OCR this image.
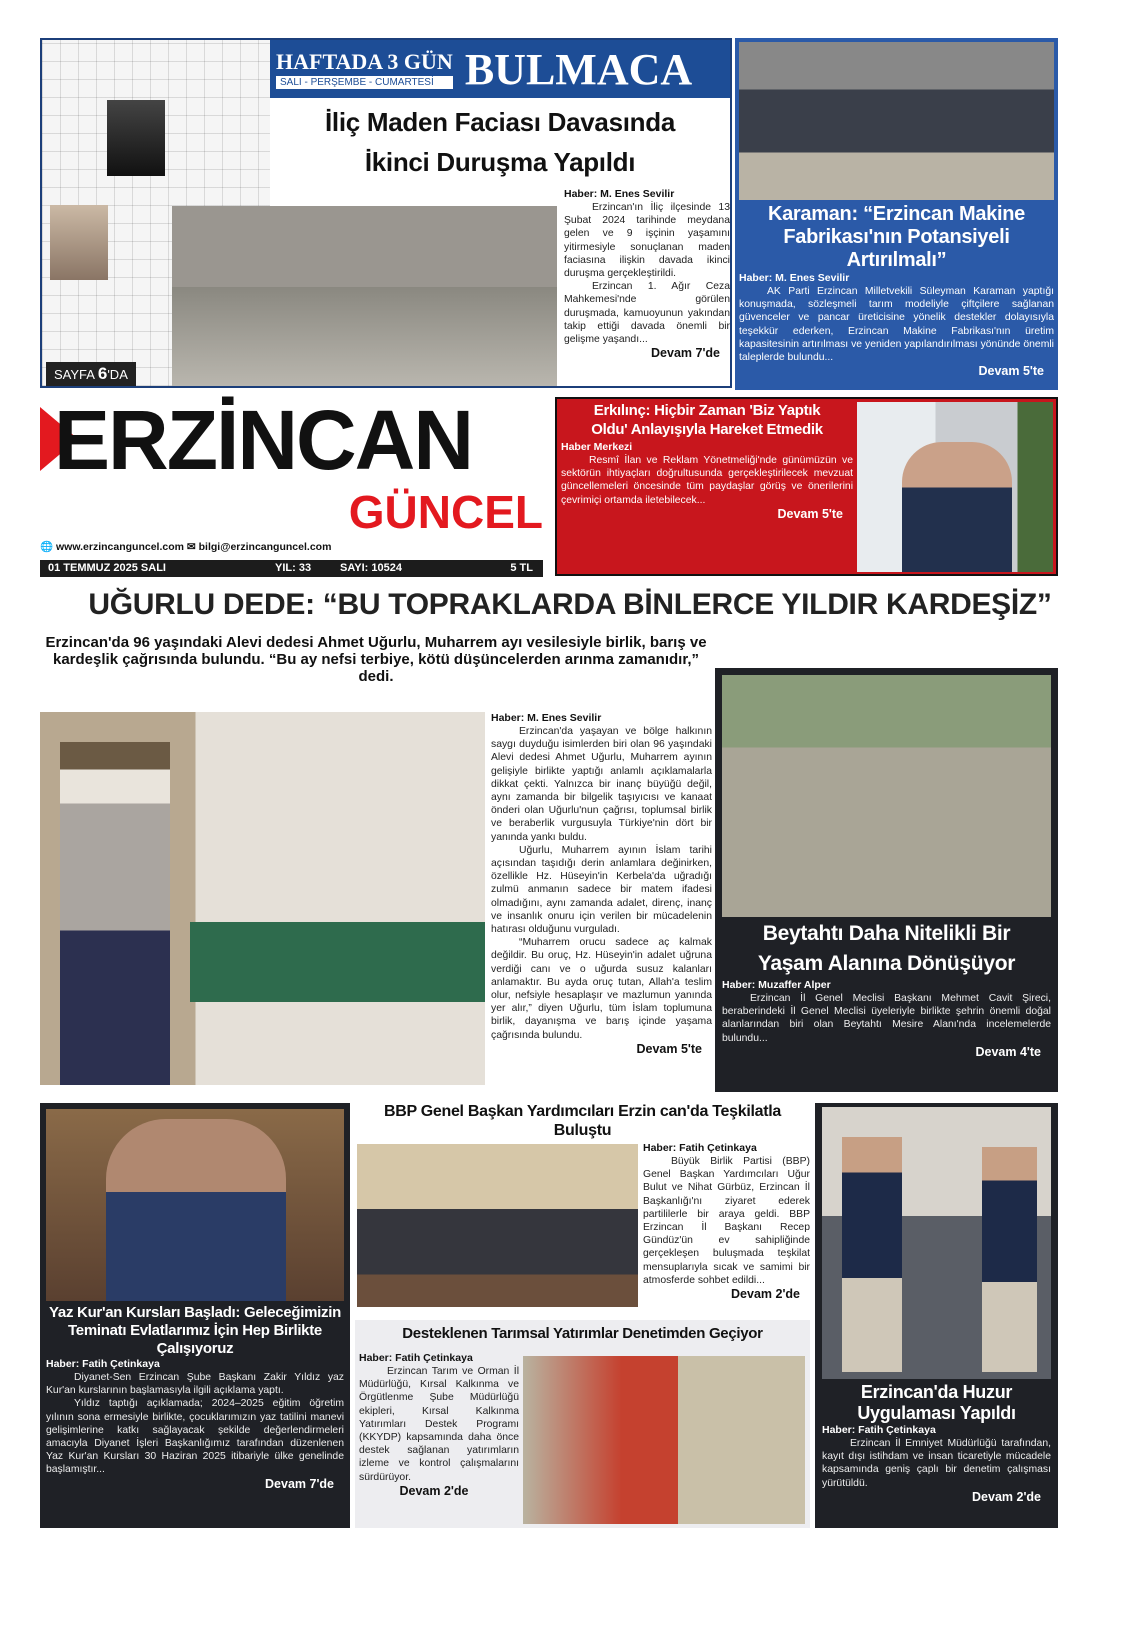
HAFTADA 3 GÜN
SALI - PERŞEMBE - CUMARTESİ BULMACA
İliç Maden Faciası Davasında
İkinci Duruşma Yapıldı
SAYFA 6'DA
Haber: M. Enes Sevilir

Erzincan'ın İliç ilçesinde 13 Şubat 2024 tarihinde meydana gelen ve 9 işçinin yaşamını yitirmesiyle sonuçlanan maden faciasına ilişkin davada ikinci duruşma gerçekleştirildi.

Erzincan 1. Ağır Ceza Mahkemesi'nde görülen duruşmada, kamuoyunun yakından takip ettiği davada önemli bir gelişme yaşandı...

Devam 7'de
Karaman: “Erzincan Makine
Fabrikası'nın Potansiyeli Artırılmalı”
Haber: M. Enes Sevilir

AK Parti Erzincan Milletvekili Süleyman Karaman yaptığı konuşmada, sözleşmeli tarım modeliyle çiftçilere sağlanan güvenceler ve pancar üreticisine yönelik destekler dolayısıyla teşekkür ederken, Erzincan Makine Fabrikası'nın üretim kapasitesinin artırılması ve yeniden yapılandırılması yönünde önemli taleplerde bulundu...

Devam 5'te
ERZİNCAN
GÜNCEL
🌐 www.erzincanguncel.com ✉ bilgi@erzincanguncel.com
01 TEMMUZ 2025 SALI	YIL: 33	SAYI: 10524	5 TL
Erkılınç: Hiçbir Zaman 'Biz Yaptık
Oldu' Anlayışıyla Hareket Etmedik
Haber Merkezi

Resmî İlan ve Reklam Yönetmeliği'nde günümüzün ve sektörün ihtiyaçları doğrultusunda gerçekleştirilecek mevzuat güncellemeleri öncesinde tüm paydaşlar görüş ve önerilerini çevrimiçi ortamda iletebilecek...

Devam 5'te
UĞURLU DEDE: “BU TOPRAKLARDA BİNLERCE YILDIR KARDEŞİZ”
Erzincan'da 96 yaşındaki Alevi dedesi Ahmet Uğurlu, Muharrem ayı vesilesiyle birlik, barış ve kardeşlik çağrısında bulundu. “Bu ay nefsi terbiye, kötü düşüncelerden arınma zamanıdır,” dedi.
Haber: M. Enes Sevilir

Erzincan'da yaşayan ve bölge halkının saygı duyduğu isimlerden biri olan 96 yaşındaki Alevi dedesi Ahmet Uğurlu, Muharrem ayının gelişiyle birlikte yaptığı anlamlı açıklamalarla dikkat çekti. Yalnızca bir inanç büyüğü değil, aynı zamanda bir bilgelik taşıyıcısı ve kanaat önderi olan Uğurlu'nun çağrısı, toplumsal birlik ve beraberlik vurgusuyla Türkiye'nin dört bir yanında yankı buldu.

Uğurlu, Muharrem ayının İslam tarihi açısından taşıdığı derin anlamlara değinirken, özellikle Hz. Hüseyin'in Kerbela'da uğradığı zulmü anmanın sadece bir matem ifadesi olmadığını, aynı zamanda adalet, direnç, inanç ve insanlık onuru için verilen bir mücadelenin hatırası olduğunu vurguladı.

“Muharrem orucu sadece aç kalmak değildir. Bu oruç, Hz. Hüseyin'in adalet uğruna verdiği canı ve o uğurda susuz kalanları anlamaktır. Bu ayda oruç tutan, Allah'a teslim olur, nefsiyle hesaplaşır ve mazlumun yanında yer alır,” diyen Uğurlu, tüm İslam toplumuna birlik, dayanışma ve barış içinde yaşama çağrısında bulundu.

Devam 5'te
Beytahtı Daha Nitelikli Bir
Yaşam Alanına Dönüşüyor
Haber: Muzaffer Alper

Erzincan İl Genel Meclisi Başkanı Mehmet Cavit Şireci, beraberindeki İl Genel Meclisi üyeleriyle birlikte şehrin önemli doğal alanlarından biri olan Beytahtı Mesire Alanı'nda incelemelerde bulundu...

Devam 4'te
Yaz Kur'an Kursları Başladı: Geleceğimizin
Teminatı Evlatlarımız İçin Hep Birlikte Çalışıyoruz
Haber: Fatih Çetinkaya

Diyanet-Sen Erzincan Şube Başkanı Zakir Yıldız yaz Kur'an kurslarının başlamasıyla ilgili açıklama yaptı.

Yıldız taptığı açıklamada; 2024–2025 eğitim öğretim yılının sona ermesiyle birlikte, çocuklarımızın yaz tatilini manevi gelişimlerine katkı sağlayacak şekilde değerlendirmeleri amacıyla Diyanet İşleri Başkanlığımız tarafından düzenlenen Yaz Kur'an Kursları 30 Haziran 2025 itibariyle ülke genelinde başlamıştır...

Devam 7'de
BBP Genel Başkan Yardımcıları Erzin can'da Teşkilatla Buluştu
Haber: Fatih Çetinkaya

Büyük Birlik Partisi (BBP) Genel Başkan Yardımcıları Uğur Bulut ve Nihat Gürbüz, Erzincan İl Başkanlığı'nı ziyaret ederek partililerle bir araya geldi. BBP Erzincan İl Başkanı Recep Gündüz'ün ev sahipliğinde gerçekleşen buluşmada teşkilat mensuplarıyla sıcak ve samimi bir atmosferde sohbet edildi...

Devam 2'de
Desteklenen Tarımsal Yatırımlar Denetimden Geçiyor
Haber: Fatih Çetinkaya

Erzincan Tarım ve Orman İl Müdürlüğü, Kırsal Kalkınma ve Örgütlenme Şube Müdürlüğü ekipleri, Kırsal Kalkınma Yatırımları Destek Programı (KKYDP) kapsamında daha önce destek sağlanan yatırımların izleme ve kontrol çalışmalarını sürdürüyor.

Devam 2'de
Erzincan'da Huzur Uygulaması Yapıldı
Haber: Fatih Çetinkaya

Erzincan İl Emniyet Müdürlüğü tarafından, kayıt dışı istihdam ve insan ticaretiyle mücadele kapsamında geniş çaplı bir denetim çalışması yürütüldü.

Devam 2'de
